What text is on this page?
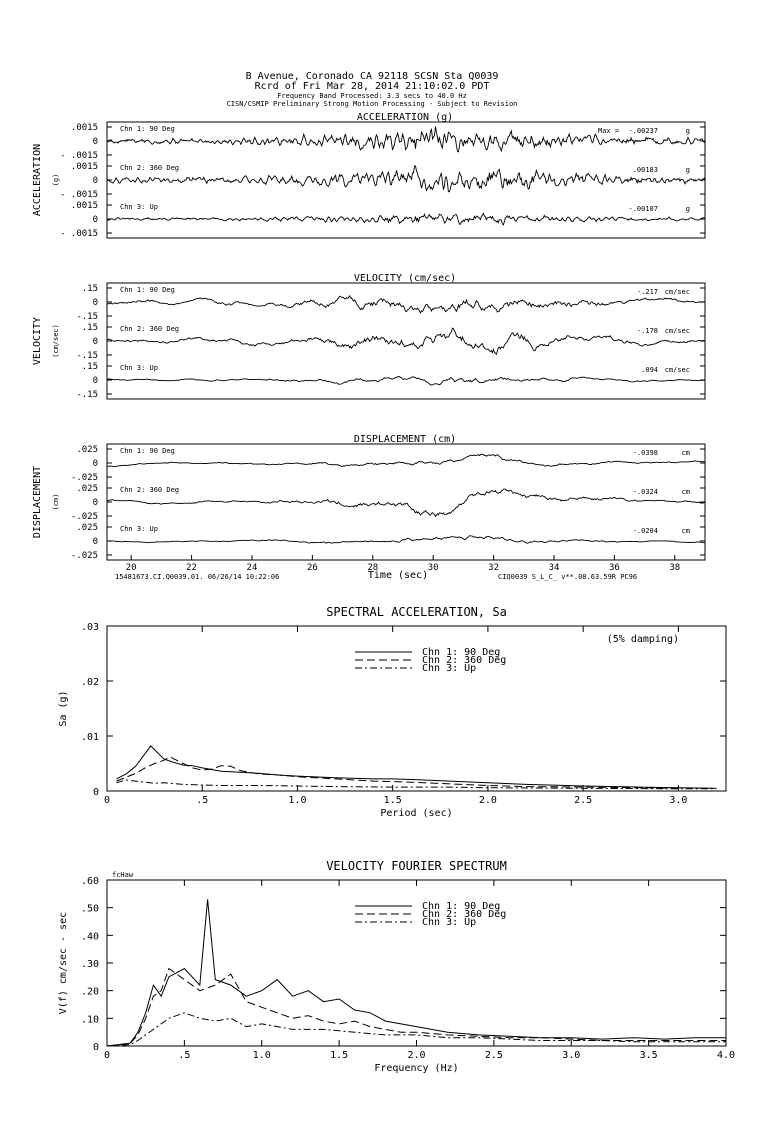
B Avenue, Coronado CA 92118 SCSN Sta Q0039
Rcrd of Fri Mar 28, 2014 21:10:02.0 PDT
Frequency Band Processed: 3.3 secs to 40.0 Hz
CISN/CSMIP Preliminary Strong Motion Processing - Subject to Revision
ACCELERATION (g)
ACCELERATION (g)
.0015
0
- .0015
Chn 1: 90 Deg	Max = -.00237	g
.0015
0
- .0015
Chn 2: 360 Deg	.00183	g
.0015
0
- .0015
Chn 3: Up	-.00107	g
VELOCITY (cm/sec)
VELOCITY (cm/sec)
.15
0
-.15
Chn 1: 90 Deg	-.217 cm/sec
.15
0
-.15
Chn 2: 360 Deg	-.178 cm/sec
.15
0
-.15
Chn 3: Up	.094 cm/sec
DISPLACEMENT (cm)
DISPLACEMENT (cm)
.025
0
-.025
Chn 1: 90 Deg	-.0398	cm
.025
0
-.025
Chn 2: 360 Deg	-.0324	cm
.025
0
-.025
Chn 3: Up	-.0204	cm
20	22	24	26	28	30	32	34	36	38
Time (sec)
15481673.CI.Q0039.01. 06/26/14 10:22:06	CIQ0039 S_L_C_ v**.08.63.59R PC96
SPECTRAL ACCELERATION, Sa
0	.5	1.0	1.5	2.0	2.5	3.0
0
.01
.02
.03
Period (sec)
Sa (g)
Chn 1: 90 Deg
Chn 2: 360 Deg
Chn 3: Up
(5% damping)
VELOCITY FOURIER SPECTRUM
0	.5	1.0	1.5	2.0	2.5	3.0	3.5	4.0
0
.10
.20
.30
.40
.50
.60
Frequency (Hz)
V(f) cm/sec - sec
Chn 1: 90 Deg
Chn 2: 360 Deg
Chn 3: Up
fcHaw
